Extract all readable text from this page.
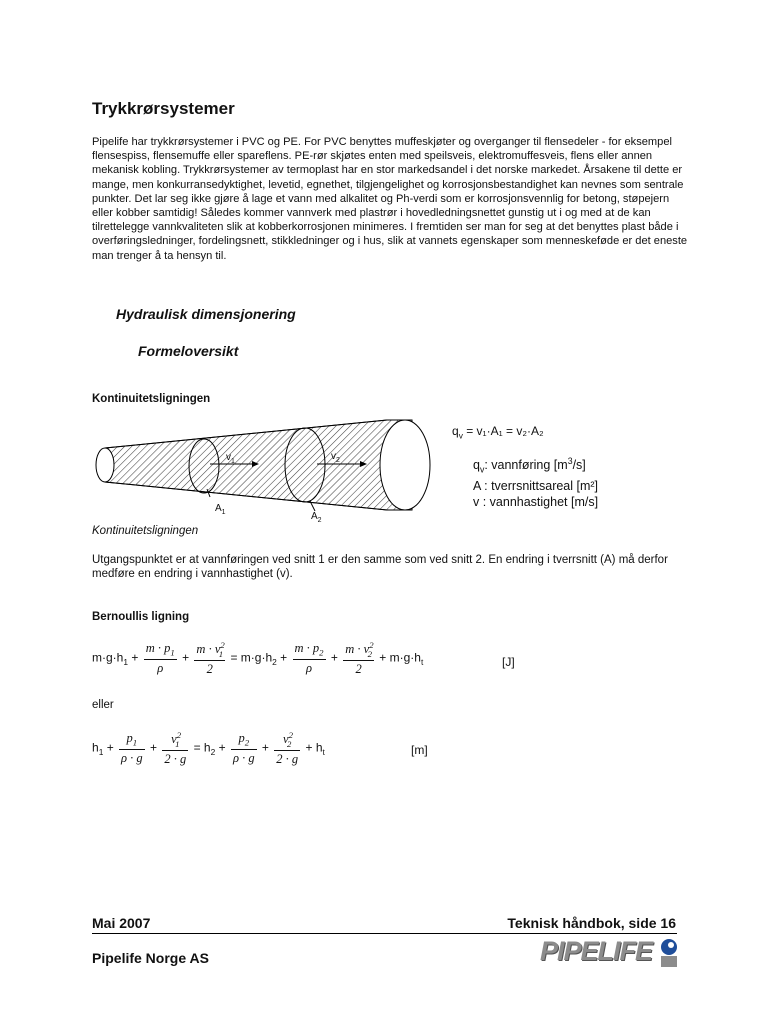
Trykkrørsystemer

Pipelife har trykkrørsystemer i PVC og PE. For PVC benyttes muffeskjøter og overganger til flensedeler - for eksempel flensespiss, flensemuffe eller spareflens. PE-rør skjøtes enten med speilsveis, elektromuffesveis, flens eller annen mekanisk kobling. Trykkrørsystemer av termoplast har en stor markedsandel i det norske markedet. Årsakene til dette er mange, men konkurransedyktighet, levetid, egnethet, tilgjengelighet og korrosjonsbestandighet kan nevnes som sentrale punkter. Det lar seg ikke gjøre å lage et vann med alkalitet og Ph-verdi som er korrosjonsvennlig for betong, støpejern eller kobber samtidig! Således kommer vannverk med plastrør i hovedledningsnettet gunstig ut i og med at de kan tilrettelegge vannkvaliteten slik at kobberkorrosjonen minimeres. I fremtiden ser man for seg at det benyttes plast både i overføringsledninger, fordelingsnett, stikkledninger og i hus, slik at vannets egenskaper som menneskeføde er det eneste man trenger å ta hensyn til.

Hydraulisk dimensjonering
Formeloversikt
Kontinuitetsligningen
$v_1$	$v_2$
$A_1$	$A_2$
$q_v = v_1\cdot A_1 = v_2\cdot A_2$
$q_v$: vannføring $[m^3/s]$
A : tverrsnittsareal [m²]
v : vannhastighet [m/s]
Kontinuitetsligningen
Utgangspunktet er at vannføringen ved snitt 1 er den samme som ved snitt 2. En endring i tverrsnitt (A) må derfor medføre en endring i vannhastighet (v).
Bernoullis ligning
$m\cdot g\cdot h_1 + \frac{m \cdot p_1}{\rho} + \frac{m \cdot v^2_1}{2} = m\cdot g\cdot h_2 + \frac{m \cdot p_2}{\rho} + \frac{m \cdot v^2_2}{2} + m\cdot g\cdot h_t$	[J]
eller
$h_1 + \frac{p_1}{\rho \cdot g} + \frac{v^2_1}{2 \cdot g} = h_2 + \frac{p_2}{\rho \cdot g} + \frac{v^2_2}{2 \cdot g} + h_t$	[m]
Mai 2007	Teknisk håndbok, side 16
Pipelife Norge AS	PIPELIFE
